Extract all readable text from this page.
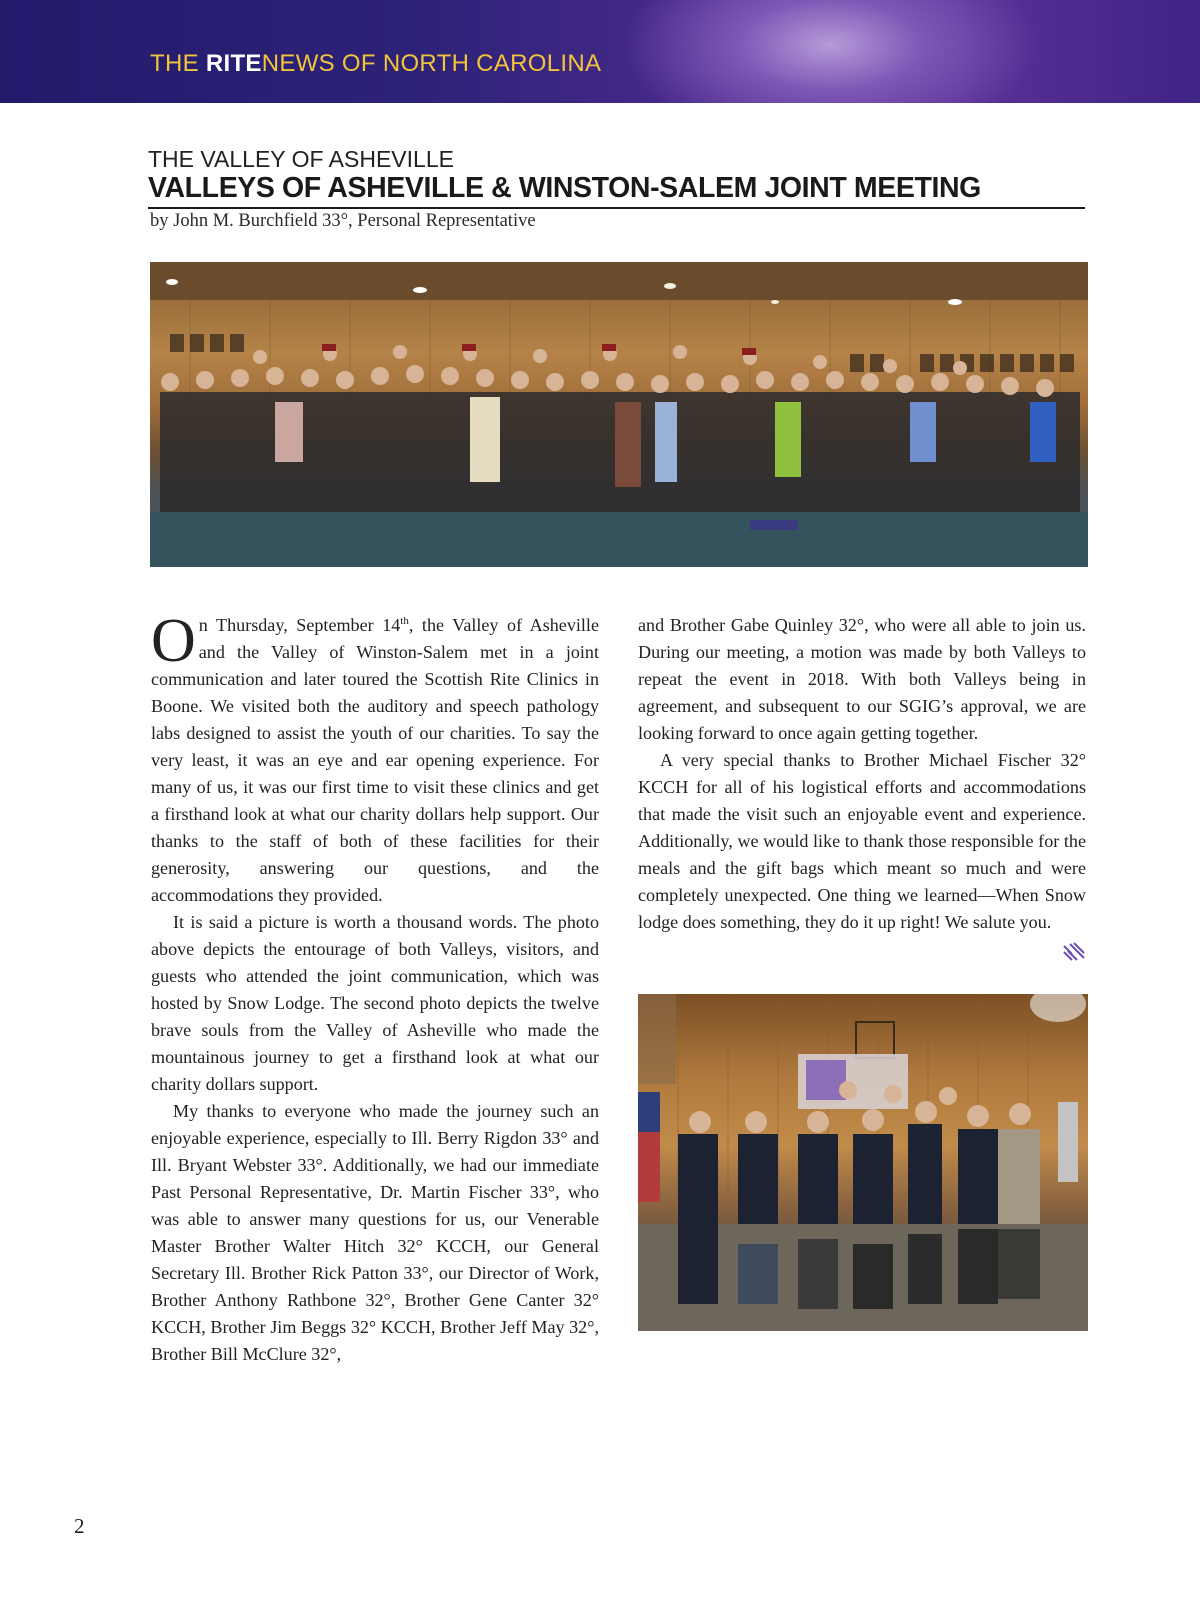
THE RITENEWS OF NORTH CAROLINA
THE VALLEY OF ASHEVILLE
VALLEYS OF ASHEVILLE & WINSTON-SALEM JOINT MEETING
by John M. Burchfield 33°, Personal Representative

On Thursday, September 14th, the Valley of Asheville and the Valley of Winston-Salem met in a joint communication and later toured the Scottish Rite Clinics in Boone. We visited both the auditory and speech pathology labs designed to assist the youth of our charities. To say the very least, it was an eye and ear opening experience. For many of us, it was our first time to visit these clinics and get a firsthand look at what our charity dollars help support. Our thanks to the staff of both of these facilities for their generosity, answering our questions, and the accommodations they provided.

It is said a picture is worth a thousand words. The photo above depicts the entourage of both Valleys, visitors, and guests who attended the joint communication, which was hosted by Snow Lodge. The second photo depicts the twelve brave souls from the Valley of Asheville who made the mountainous journey to get a firsthand look at what our charity dollars support.

My thanks to everyone who made the journey such an enjoyable experience, especially to Ill. Berry Rigdon 33° and Ill. Bryant Webster 33°. Additionally, we had our immediate Past Personal Representative, Dr. Martin Fischer 33°, who was able to answer many questions for us, our Venerable Master Brother Walter Hitch 32° KCCH, our General Secretary Ill. Brother Rick Patton 33°, our Director of Work, Brother Anthony Rathbone 32°, Brother Gene Canter 32° KCCH, Brother Jim Beggs 32° KCCH, Brother Jeff May 32°, Brother Bill McClure 32°,

and Brother Gabe Quinley 32°, who were all able to join us. During our meeting, a motion was made by both Valleys to repeat the event in 2018. With both Valleys being in agreement, and subsequent to our SGIG’s approval, we are looking forward to once again getting together.

A very special thanks to Brother Michael Fischer 32° KCCH for all of his logistical efforts and accommodations that made the visit such an enjoyable event and experience. Additionally, we would like to thank those responsible for the meals and the gift bags which meant so much and were completely unexpected. One thing we learned—When Snow lodge does something, they do it up right! We salute you.

2
